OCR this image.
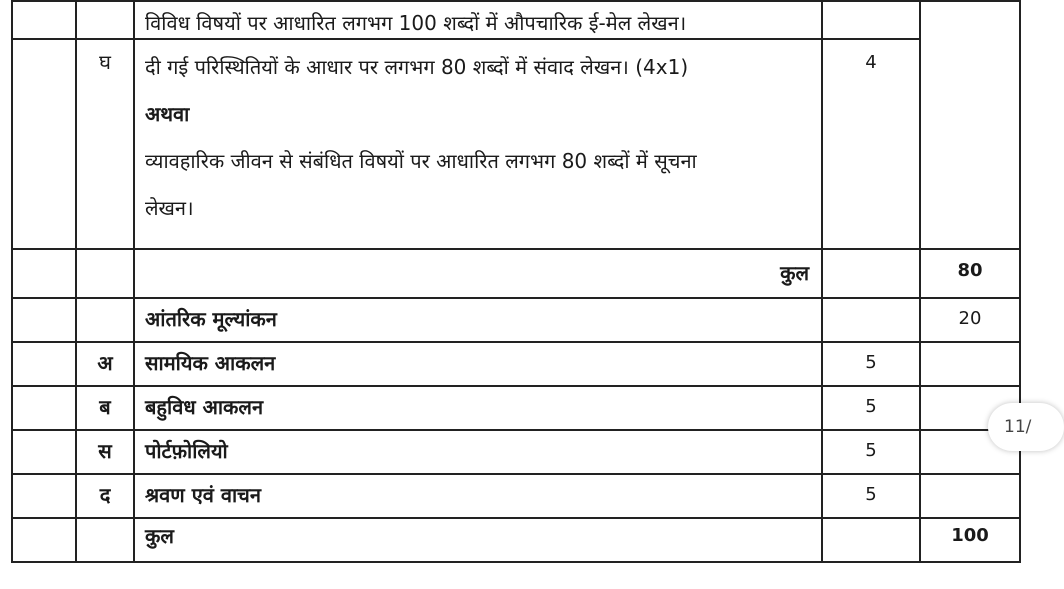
		विविध विषयों पर आधारित लगभग 100 शब्दों में औपचारिक ई-मेल लेखन।		

	घ	दी गई परिस्थितियों के आधार पर लगभग 80 शब्दों में संवाद लेखन। (4x1)
अथवा
व्यावहारिक जीवन से संबंधित विषयों पर आधारित लगभग 80 शब्दों में सूचना
लेखन।	4	

		कुल		80

		आंतरिक मूल्यांकन		20

	अ	सामयिक आकलन	5	

	ब	बहुविध आकलन	5	

	स	पोर्टफ़ोलियो	5	

	द	श्रवण एवं वाचन	5	

		कुल		100
11/
